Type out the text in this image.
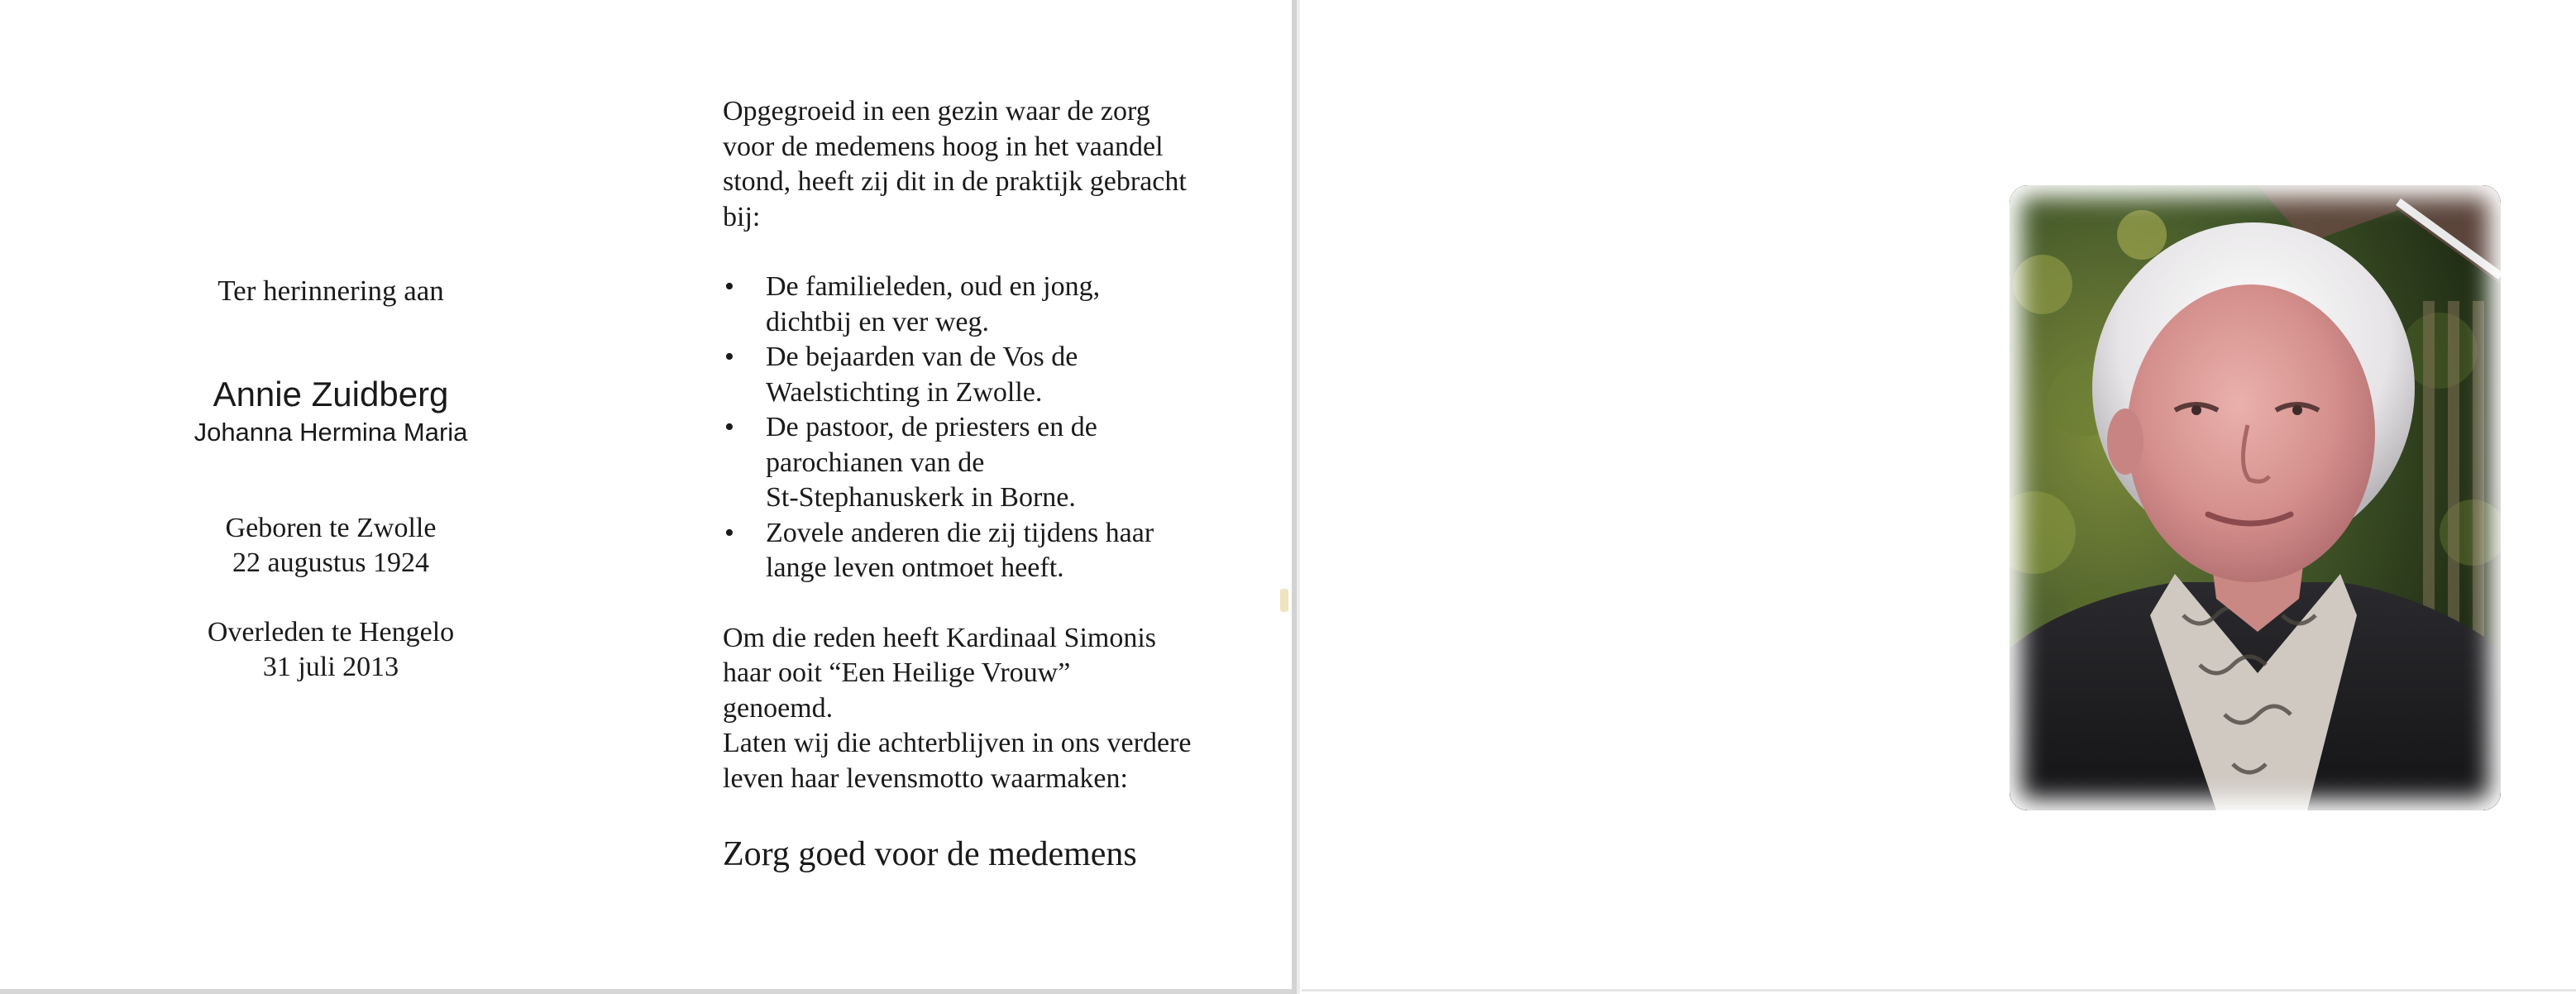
Ter herinnering aan

Annie Zuidberg

Johanna Hermina Maria

Geboren te Zwolle

22 augustus 1924

Overleden te Hengelo

31 juli 2013

Opgegroeid in een gezin waar de zorg

voor de medemens hoog in het vaandel

stond, heeft zij dit in de praktijk gebracht

bij:

• De familieleden, oud en jong,
dichtbij en ver weg.
• De bejaarden van de Vos de
Waelstichting in Zwolle.
• De pastoor, de priesters en de
parochianen van de
St-Stephanuskerk in Borne.
• Zovele anderen die zij tijdens haar
lange leven ontmoet heeft.

Om die reden heeft Kardinaal Simonis

haar ooit “Een Heilige Vrouw”

genoemd.

Laten wij die achterblijven in ons verdere

leven haar levensmotto waarmaken:

Zorg goed voor de medemens
